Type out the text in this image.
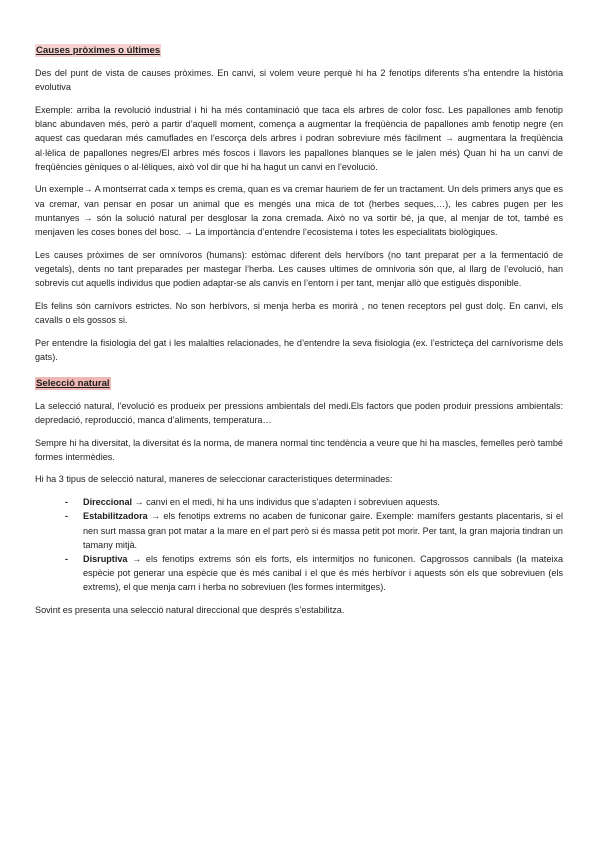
Causes pròximes o últimes

Des del punt de vista de causes pròximes. En canvi, si volem veure perquè hi ha 2 fenotips diferents s’ha entendre la història evolutiva

Exemple: arriba la revolució industrial i hi ha més contaminació que taca els arbres de color fosc. Les papallones amb fenotip blanc abundaven més, però a partir d’aquell moment, comença a augmentar la freqüència de papallones amb fenotip negre (en aquest cas quedaran més camuflades en l’escorça dels arbres i podran sobreviure més fàcilment → augmentara la freqüència al·lèlica de papallones negres/El arbres més foscos i llavors les papallones blanques se le jalen més) Quan hi ha un canvi de freqüències gèniques o al·lèliques, això vol dir que hi ha hagut un canvi en l’evolució.

Un exemple→ A montserrat cada x temps es crema, quan es va cremar hauriem de fer un tractament. Un dels primers anys que es va cremar, van pensar en posar un animal que es mengés una mica de tot (herbes seques,…), les cabres pugen per les muntanyes → són la solució natural per desglosar la zona cremada. Això no va sortir bé, ja que, al menjar de tot, també es menjaven les coses bones del bosc. → La importància d’entendre l’ecosistema i totes les especialitats biològiques.

Les causes pròximes de ser omnívoros (humans): estòmac diferent dels hervíbors (no tant preparat per a la fermentació de vegetals), dents no tant preparades per mastegar l’herba. Les causes ultimes de omnivoria són que, al llarg de l’evolució, han sobrevis cut aquells individus que podien adaptar-se als canvis en l’entorn i per tant, menjar allò que estiguès disponible.

Els felins són carnívors estrictes. No son herbívors, si menja herba es morirà , no tenen receptors pel gust dolç. En canvi, els cavalls o els gossos si.

Per entendre la fisiologia del gat i les malalties relacionades, he d’entendre la seva fisiologia (ex. l’estricteça del carnívorisme dels gats).

Selecció natural

La selecció natural, l’evolució es produeix per pressions ambientals del medi.Els factors que poden produir pressions ambientals: depredació, reproducció, manca d’aliments, temperatura…

Sempre hi ha diversitat, la diversitat és la norma, de manera normal tinc tendència a veure que hi ha mascles, femelles però també formes intermèdies.

Hi ha 3 tipus de selecció natural, maneres de seleccionar característiques determinades:

- Direccional → canvi en el medi, hi ha uns individus que s’adapten i sobreviuen aquests.
- Estabilitzadora → els fenotips extrems no acaben de funiconar gaire. Exemple: mamífers gestants placentaris, si el nen surt massa gran pot matar a la mare en el part però si és massa petit pot morir. Per tant, la gran majoria tindran un tamany mitjà.
- Disruptiva → els fenotips extrems són els forts, els intermitjos no funiconen. Capgrossos cannibals (la mateixa espècie pot generar una espècie que és més canibal i el que és més herbívor i aquests són els que sobreviuen (els extrems), el que menja carn i herba no sobreviuen (les formes intermitges).

Sovint es presenta una selecció natural direccional que després s’estabilitza.
